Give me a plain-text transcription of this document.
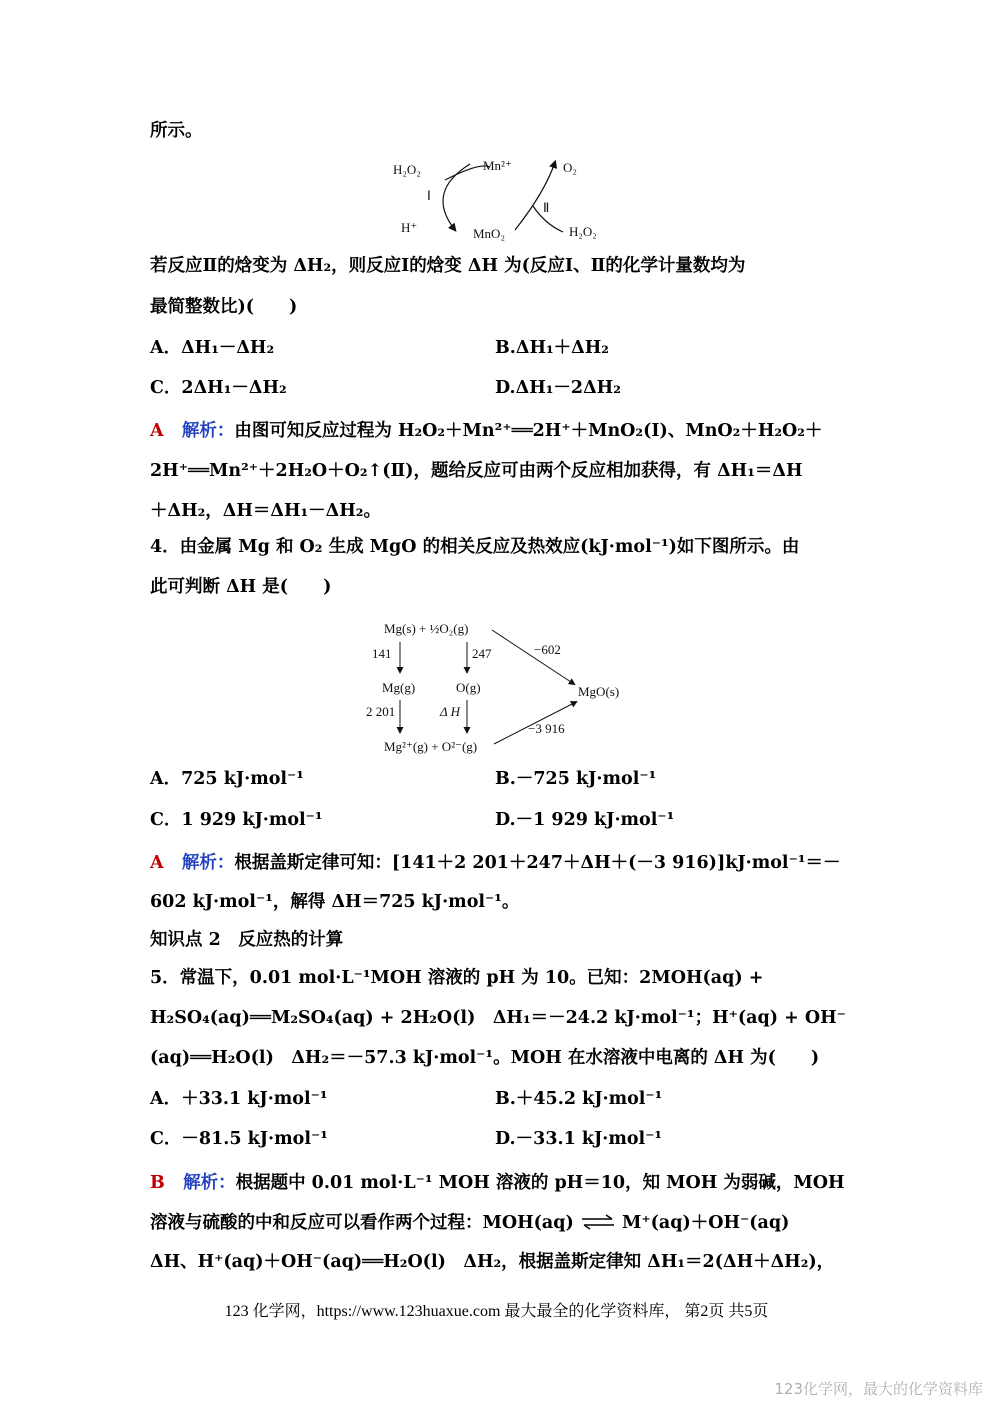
所示。
H₂O₂	Mn²⁺	O₂
Ⅰ
Ⅱ
H⁺	MnO₂	H₂O₂
若反应Ⅱ的焓变为 ΔH₂，则反应Ⅰ的焓变 ΔH 为(反应Ⅰ、Ⅱ的化学计量数均为
最简整数比)(　　)
A．ΔH₁－ΔH₂	B.ΔH₁＋ΔH₂
C．2ΔH₁－ΔH₂	D.ΔH₁－2ΔH₂
A 解析：由图可知反应过程为 H₂O₂＋Mn²⁺══2H⁺＋MnO₂(Ⅰ)、MnO₂＋H₂O₂＋
2H⁺══Mn²⁺＋2H₂O＋O₂↑(Ⅱ)，题给反应可由两个反应相加获得，有 ΔH₁＝ΔH
＋ΔH₂，ΔH＝ΔH₁－ΔH₂。
4．由金属 Mg 和 O₂ 生成 MgO 的相关反应及热效应(kJ·mol⁻¹)如下图所示。由
此可判断 ΔH 是(　　)
Mg(s) + ½O₂(g)
141	247	−602
Mg(g)	O(g)	MgO(s)
2 201	Δ H
−3 916
Mg²⁺(g) + O²⁻(g)
A．725 kJ·mol⁻¹	B.－725 kJ·mol⁻¹
C．1 929 kJ·mol⁻¹	D.－1 929 kJ·mol⁻¹
A 解析：根据盖斯定律可知：[141＋2 201＋247＋ΔH＋(－3 916)]kJ·mol⁻¹＝－
602 kJ·mol⁻¹，解得 ΔH＝725 kJ·mol⁻¹。
知识点 2　反应热的计算
5．常温下，0.01 mol·L⁻¹MOH 溶液的 pH 为 10。已知：2MOH(aq) +
H₂SO₄(aq)══M₂SO₄(aq) + 2H₂O(l)　ΔH₁＝－24.2 kJ·mol⁻¹；H⁺(aq) + OH⁻
(aq)══H₂O(l)　ΔH₂＝－57.3 kJ·mol⁻¹。MOH 在水溶液中电离的 ΔH 为(　　)
A．＋33.1 kJ·mol⁻¹	B.＋45.2 kJ·mol⁻¹
C．－81.5 kJ·mol⁻¹	D.－33.1 kJ·mol⁻¹
B 解析：根据题中 0.01 mol·L⁻¹ MOH 溶液的 pH＝10，知 MOH 为弱碱，MOH
溶液与硫酸的中和反应可以看作两个过程：MOH(aq) ⇌ M⁺(aq)＋OH⁻(aq)
ΔH、H⁺(aq)＋OH⁻(aq)══H₂O(l)　ΔH₂，根据盖斯定律知 ΔH₁＝2(ΔH＋ΔH₂)，
123 化学网，https://www.123huaxue.com 最大最全的化学资料库， 第2页 共5页
123化学网，最大的化学资料库
